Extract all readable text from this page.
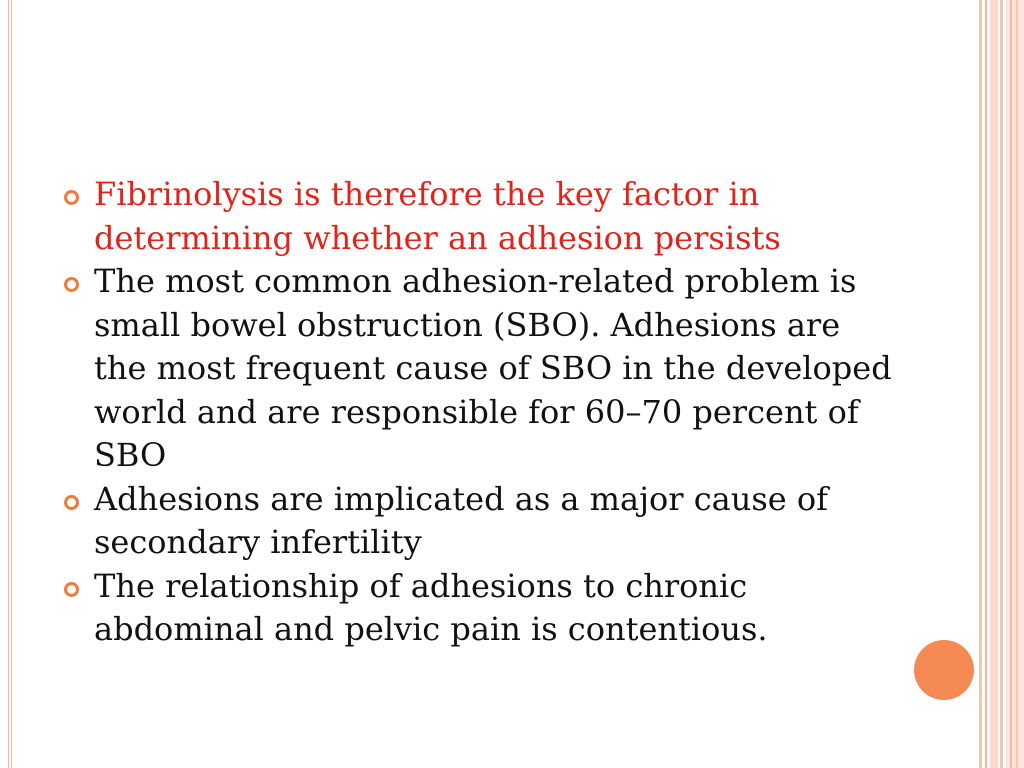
Fibrinolysis is therefore the key factor in determining whether an adhesion persists
The most common adhesion-related problem is small bowel obstruction (SBO). Adhesions are the most frequent cause of SBO in the developed world and are responsible for 60–70 percent of SBO
Adhesions are implicated as a major cause of secondary infertility
The relationship of adhesions to chronic abdominal and pelvic pain is contentious.
